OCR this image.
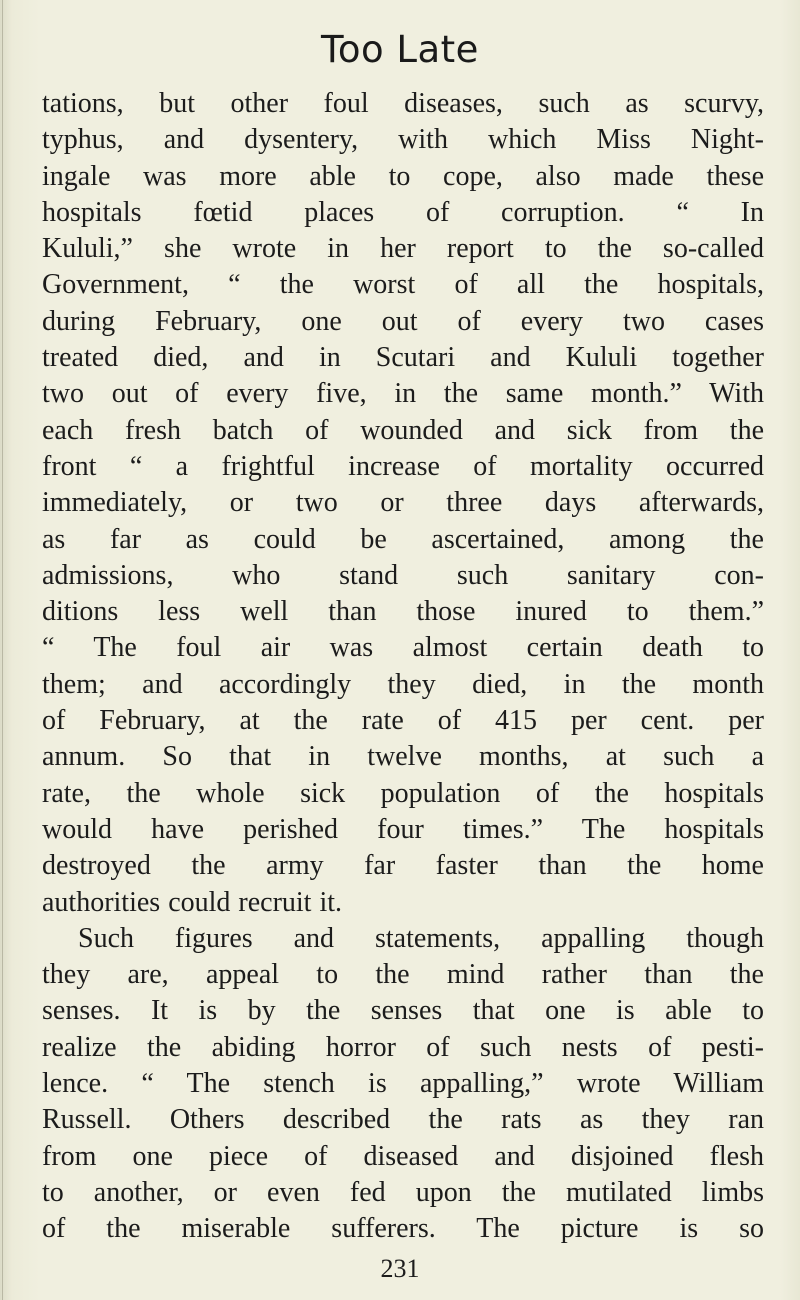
Too Late
tations, but other foul diseases, such as scurvy,
typhus, and dysentery, with which Miss Night-
ingale was more able to cope, also made these
hospitals fœtid places of corruption. “ In
Kululi,” she wrote in her report to the so-called
Government, “ the worst of all the hospitals,
during February, one out of every two cases
treated died, and in Scutari and Kululi together
two out of every five, in the same month.” With
each fresh batch of wounded and sick from the
front “ a frightful increase of mortality occurred
immediately, or two or three days afterwards,
as far as could be ascertained, among the
admissions, who stand such sanitary con-
ditions less well than those inured to them.”
“ The foul air was almost certain death to
them; and accordingly they died, in the month
of February, at the rate of 415 per cent. per
annum. So that in twelve months, at such a
rate, the whole sick population of the hospitals
would have perished four times.” The hospitals
destroyed the army far faster than the home
authorities could recruit it.
Such figures and statements, appalling though
they are, appeal to the mind rather than the
senses. It is by the senses that one is able to
realize the abiding horror of such nests of pesti-
lence. “ The stench is appalling,” wrote William
Russell. Others described the rats as they ran
from one piece of diseased and disjoined flesh
to another, or even fed upon the mutilated limbs
of the miserable sufferers. The picture is so
231
